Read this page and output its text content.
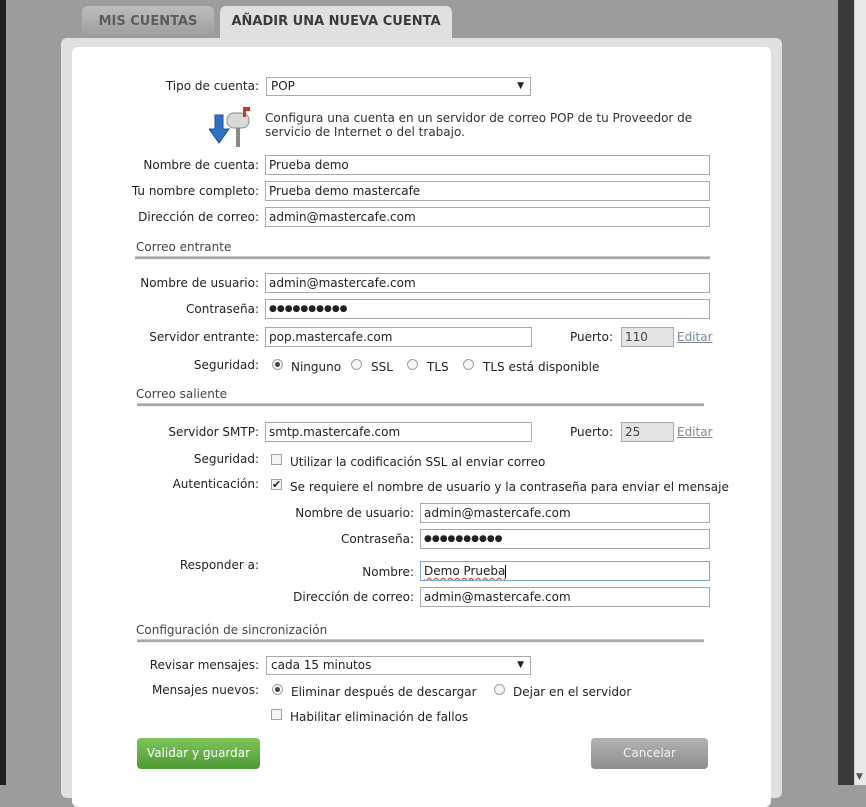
▼
MIS CUENTAS	AÑADIR UNA NUEVA CUENTA
Tipo de cuenta:	POP	▼
Configura una cuenta en un servidor de correo POP de tu Proveedor de servicio de Internet o del trabajo.
Nombre de cuenta: Prueba demo
Tu nombre completo: Prueba demo mastercafe
Dirección de correo: admin@mastercafe.com
Correo entrante
Nombre de usuario: admin@mastercafe.com
Contraseña:	●●●●●●●●●●
Servidor entrante: pop.mastercafe.com	Puerto:	110	Editar
Seguridad:	Ninguno SSL	TLS	TLS está disponible
Correo saliente
Servidor SMTP: smtp.mastercafe.com	Puerto:	25	Editar
Seguridad:	Utilizar la codificación SSL al enviar correo
Autenticación: ✔ Se requiere el nombre de usuario y la contraseña para enviar el mensaje
Nombre de usuario: admin@mastercafe.com
Contraseña:	●●●●●●●●●●
Responder a:	Nombre: Demo Prueba
Dirección de correo: admin@mastercafe.com
Configuración de sincronización
Revisar mensajes:	cada 15 minutos	▼
Mensajes nuevos:	Eliminar después de descargar	Dejar en el servidor
Habilitar eliminación de fallos
Validar y guardar	Cancelar
